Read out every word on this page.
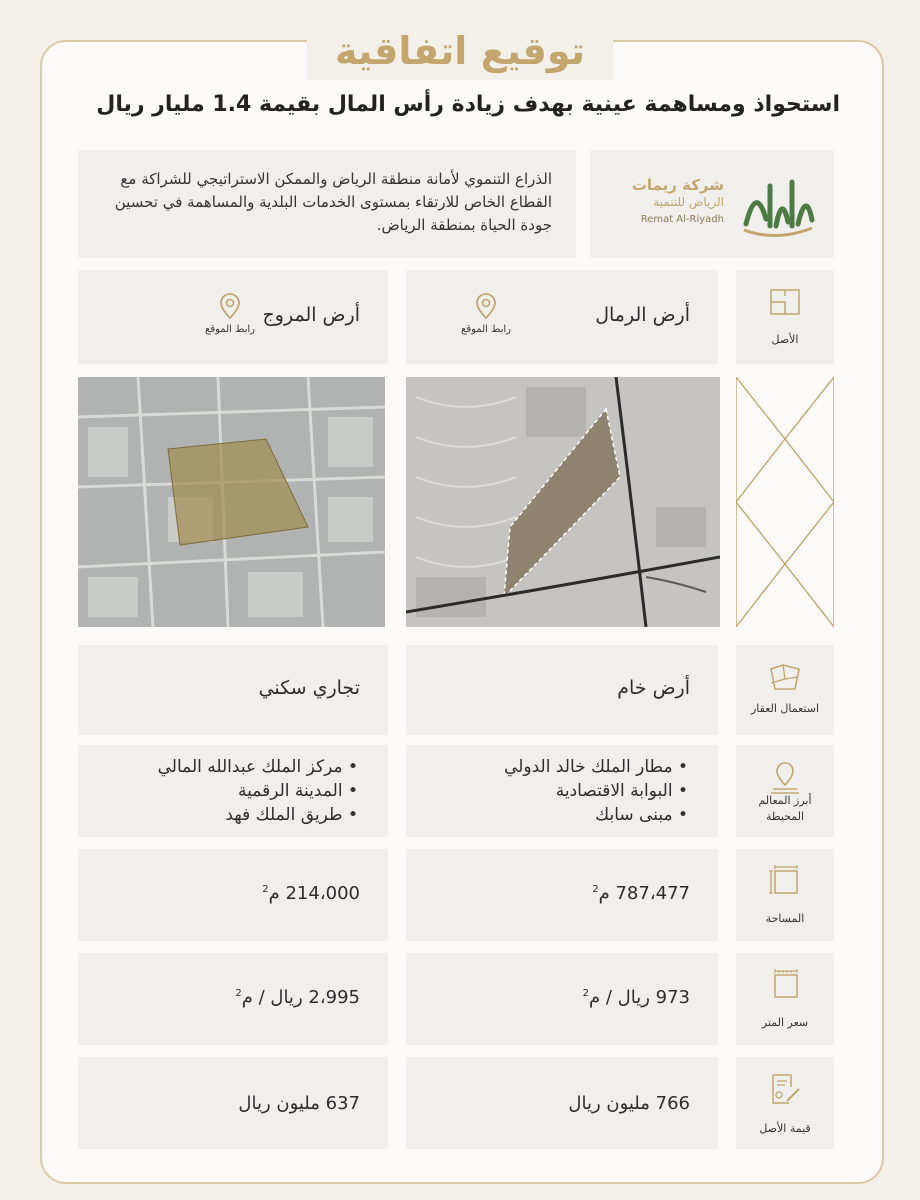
توقيع اتفاقية
استحواذ ومساهمة عينية بهدف زيادة رأس المال بقيمة 1.4 مليار ريال

الذراع التنموي لأمانة منطقة الرياض والممكن الاستراتيجي للشراكة مع القطاع الخاص للارتقاء بمستوى الخدمات البلدية والمساهمة في تحسين جودة الحياة بمنطقة الرياض.

شركة ريمات
الرياض للتنمية
Remat Al-Riyadh
الأصل
أرض الرمال
رابط الموقع
أرض المروج
رابط الموقع
استعمال العقار
أرض خام
تجاري سكني
أبرز المعالم
المحيطة
• مطار الملك خالد الدولي
• البوابة الاقتصادية
• مبنى سابك
• مركز الملك عبدالله المالي
• المدينة الرقمية
• طريق الملك فهد
المساحة
787،477 م$^2$
214،000 م$^2$
سعر المتر
973 ريال / م$^2$
2،995 ريال / م$^2$
قيمة الأصل
766 مليون ريال
637 مليون ريال
